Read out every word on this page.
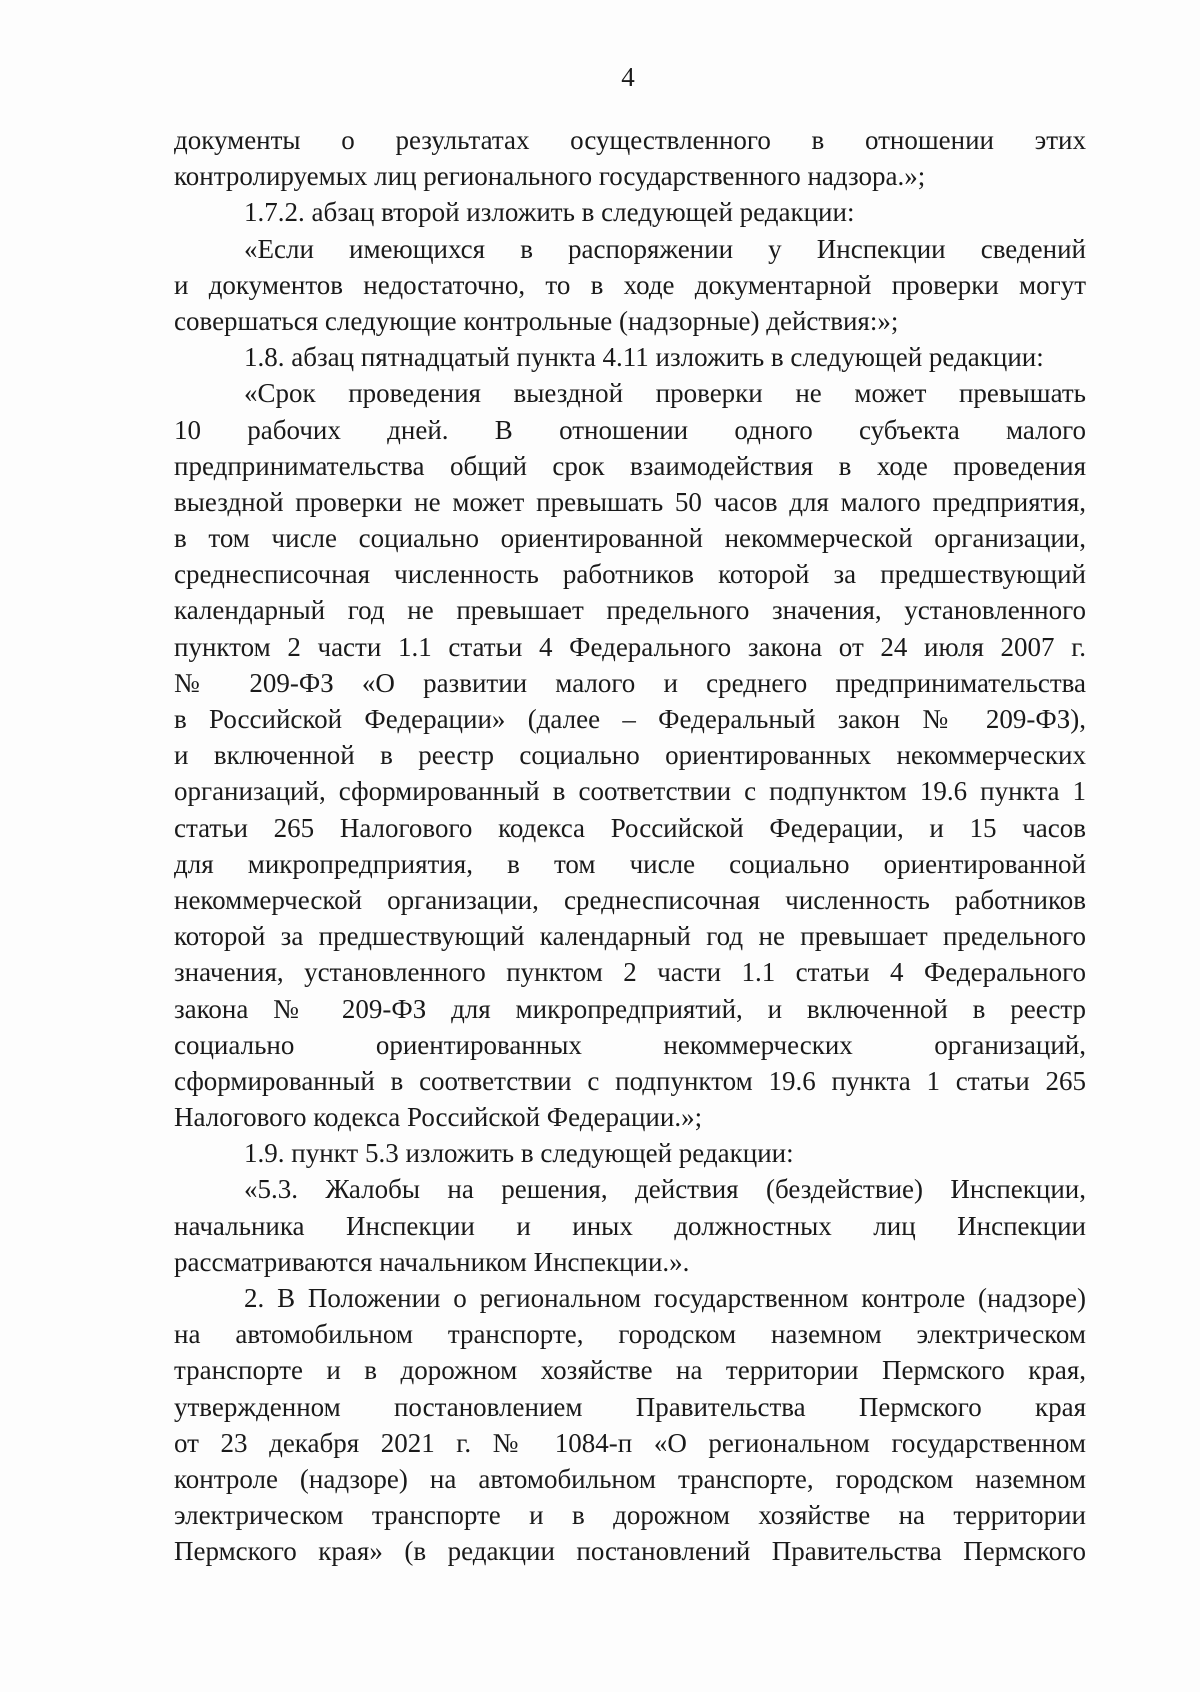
4
документы о результатах осуществленного в отношении этих
контролируемых лиц регионального государственного надзора.»;
1.7.2. абзац второй изложить в следующей редакции:
«Если имеющихся в распоряжении у Инспекции сведений
и документов недостаточно, то в ходе документарной проверки могут
совершаться следующие контрольные (надзорные) действия:»;
1.8. абзац пятнадцатый пункта 4.11 изложить в следующей редакции:
«Срок проведения выездной проверки не может превышать
10 рабочих дней. В отношении одного субъекта малого
предпринимательства общий срок взаимодействия в ходе проведения
выездной проверки не может превышать 50 часов для малого предприятия,
в том числе социально ориентированной некоммерческой организации,
среднесписочная численность работников которой за предшествующий
календарный год не превышает предельного значения, установленного
пунктом 2 части 1.1 статьи 4 Федерального закона от 24 июля 2007 г.
№ 209-ФЗ «О развитии малого и среднего предпринимательства
в Российской Федерации» (далее – Федеральный закон № 209-ФЗ),
и включенной в реестр социально ориентированных некоммерческих
организаций, сформированный в соответствии с подпунктом 19.6 пункта 1
статьи 265 Налогового кодекса Российской Федерации, и 15 часов
для микропредприятия, в том числе социально ориентированной
некоммерческой организации, среднесписочная численность работников
которой за предшествующий календарный год не превышает предельного
значения, установленного пунктом 2 части 1.1 статьи 4 Федерального
закона № 209-ФЗ для микропредприятий, и включенной в реестр
социально ориентированных некоммерческих организаций,
сформированный в соответствии с подпунктом 19.6 пункта 1 статьи 265
Налогового кодекса Российской Федерации.»;
1.9. пункт 5.3 изложить в следующей редакции:
«5.3. Жалобы на решения, действия (бездействие) Инспекции,
начальника Инспекции и иных должностных лиц Инспекции
рассматриваются начальником Инспекции.».
2. В Положении о региональном государственном контроле (надзоре)
на автомобильном транспорте, городском наземном электрическом
транспорте и в дорожном хозяйстве на территории Пермского края,
утвержденном постановлением Правительства Пермского края
от 23 декабря 2021 г. № 1084-п «О региональном государственном
контроле (надзоре) на автомобильном транспорте, городском наземном
электрическом транспорте и в дорожном хозяйстве на территории
Пермского края» (в редакции постановлений Правительства Пермского
